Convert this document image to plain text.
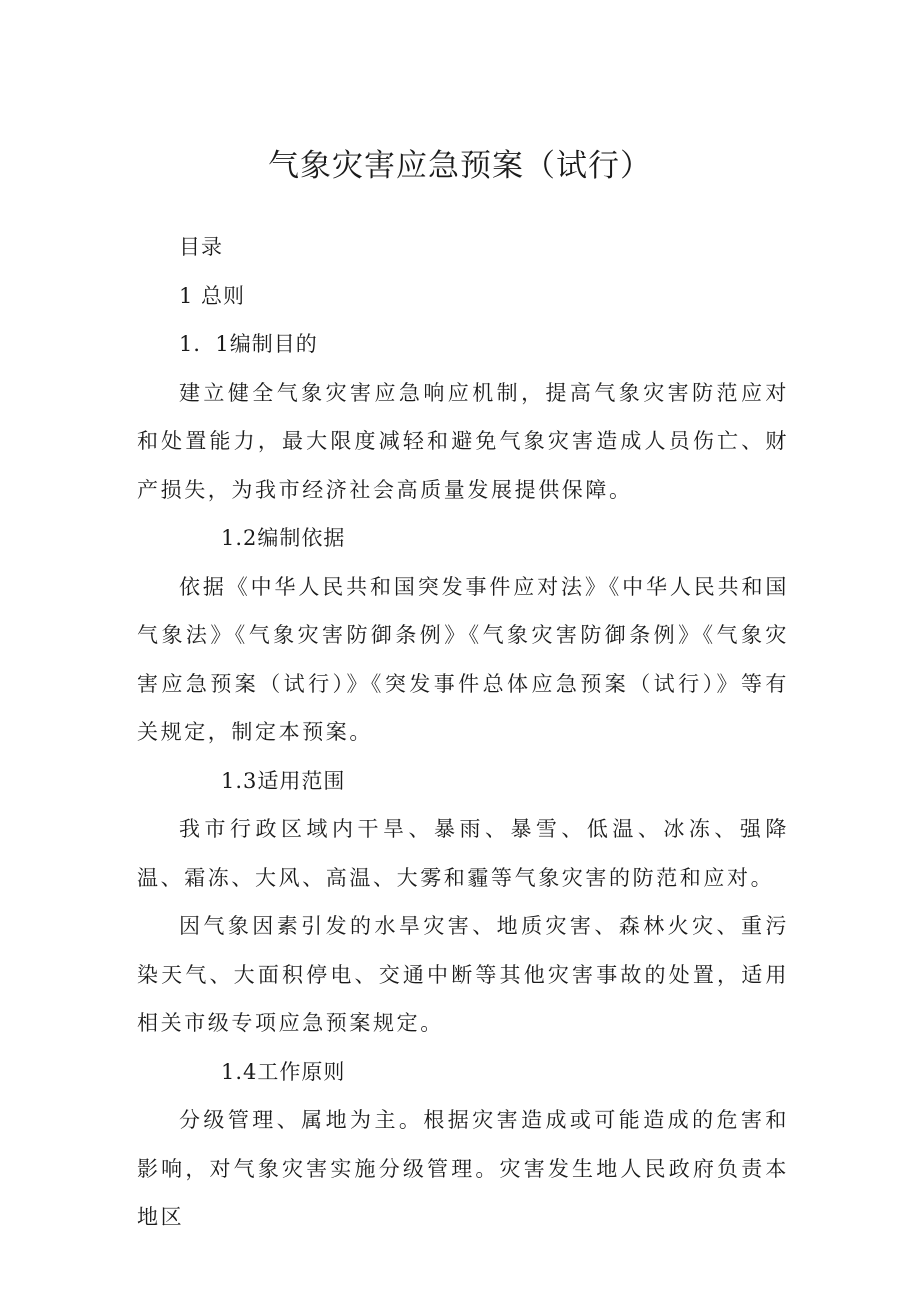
气象灾害应急预案（试行）

目录

1 总则

1．1编制目的

建立健全气象灾害应急响应机制，提高气象灾害防范应对和处置能力，最大限度减轻和避免气象灾害造成人员伤亡、财产损失，为我市经济社会高质量发展提供保障。

1.2编制依据

依据《中华人民共和国突发事件应对法》《中华人民共和国气象法》《气象灾害防御条例》《气象灾害防御条例》《气象灾害应急预案（试行）》《突发事件总体应急预案（试行）》等有关规定，制定本预案。

1.3适用范围

我市行政区域内干旱、暴雨、暴雪、低温、冰冻、强降温、霜冻、大风、高温、大雾和霾等气象灾害的防范和应对。

因气象因素引发的水旱灾害、地质灾害、森林火灾、重污染天气、大面积停电、交通中断等其他灾害事故的处置，适用相关市级专项应急预案规定。

1.4工作原则

分级管理、属地为主。根据灾害造成或可能造成的危害和影响，对气象灾害实施分级管理。灾害发生地人民政府负责本地区
